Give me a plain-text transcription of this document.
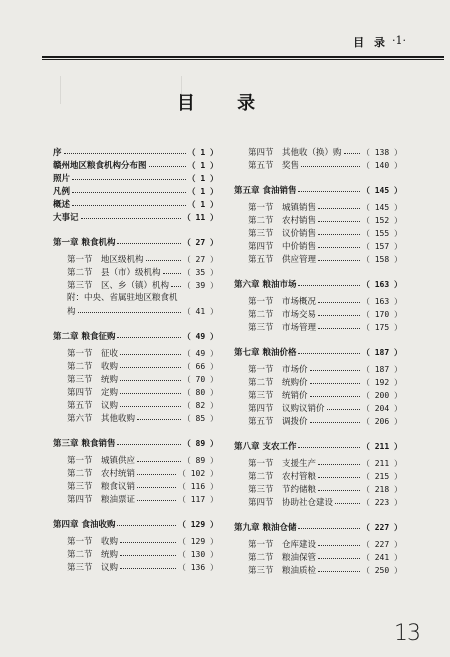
目 录 ·1·
目 录
序	（ 1 ）
赣州地区粮食机构分布图	（ 1 ）
照片	（ 1 ）
凡例	（ 1 ）
概述	（ 1 ）
大事记	（ 11 ）
第一章 粮食机构	（ 27 ）
第一节 地区级机构	（ 27 ）
第二节 县（市）级机构	（ 35 ）
第三节 区、乡（镇）机构 （ 39 ）
附：中央、省属驻地区粮食机
构	（ 41 ）
第二章 粮食征购	（ 49 ）
第一节 征收	（ 49 ）
第二节 收购	（ 66 ）
第三节 统购	（ 70 ）
第四节 定购	（ 80 ）
第五节 议购	（ 82 ）
第六节 其他收购	（ 85 ）
第三章 粮食销售	（ 89 ）
第一节 城镇供应	（ 89 ）
第二节 农村统销	（ 102 ）
第三节 粮食议销	（ 116 ）
第四节 粮油票证	（ 117 ）
第四章 食油收购	（ 129 ）
第一节 收购	（ 129 ）
第二节 统购	（ 130 ）
第三节 议购	（ 136 ）
第四节 其他收（换）购	（ 138 ）
第五节 奖售	（ 140 ）
第五章 食油销售	（ 145 ）
第一节 城镇销售	（ 145 ）
第二节 农村销售	（ 152 ）
第三节 议价销售	（ 155 ）
第四节 中价销售	（ 157 ）
第五节 供应管理	（ 158 ）
第六章 粮油市场	（ 163 ）
第一节 市场概况	（ 163 ）
第二节 市场交易	（ 170 ）
第三节 市场管理	（ 175 ）
第七章 粮油价格	（ 187 ）
第一节 市场价	（ 187 ）
第二节 统购价	（ 192 ）
第三节 统销价	（ 200 ）
第四节 议购议销价	（ 204 ）
第五节 调拨价	（ 206 ）
第八章 支农工作	（ 211 ）
第一节 支援生产	（ 211 ）
第二节 农村管粮	（ 215 ）
第三节 节约储粮	（ 218 ）
第四节 协助社仓建设	（ 223 ）
第九章 粮油仓储	（ 227 ）
第一节 仓库建设	（ 227 ）
第二节 粮油保管	（ 241 ）
第三节 粮油质检	（ 250 ）
13
